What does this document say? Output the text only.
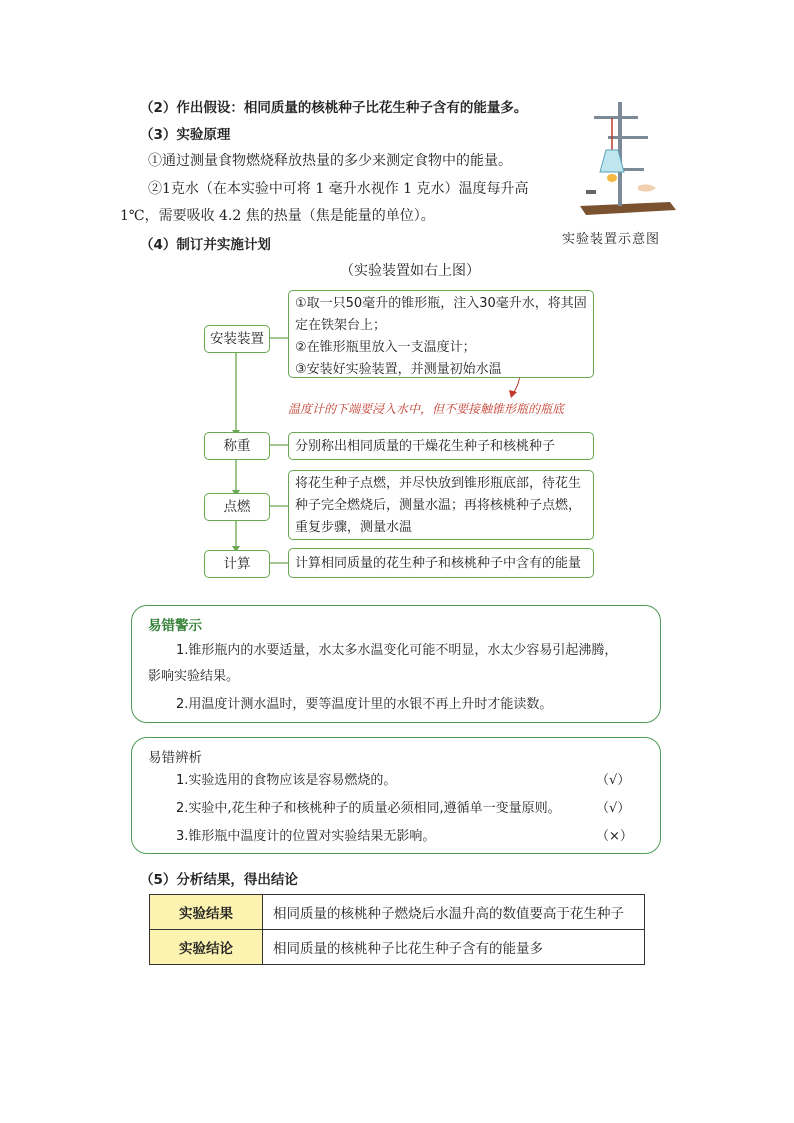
（2）作出假设：相同质量的核桃种子比花生种子含有的能量多。
（3）实验原理
①通过测量食物燃烧释放热量的多少来测定食物中的能量。
②1克水（在本实验中可将 1 毫升水视作 1 克水）温度每升高
1℃，需要吸收 4.2 焦的热量（焦是能量的单位）。
实验装置示意图
（4）制订并实施计划
（实验装置如右上图）
安装装置
①取一只50毫升的锥形瓶，注入30毫升水，将其固
定在铁架台上；
②在锥形瓶里放入一支温度计；
③安装好实验装置，并测量初始水温
温度计的下端要浸入水中，但不要接触锥形瓶的瓶底
称重	分别称出相同质量的干燥花生种子和核桃种子
点燃
将花生种子点燃，并尽快放到锥形瓶底部，待花生
种子完全燃烧后，测量水温；再将核桃种子点燃，
重复步骤，测量水温
计算	计算相同质量的花生种子和核桃种子中含有的能量
易错警示
1.锥形瓶内的水要适量，水太多水温变化可能不明显，水太少容易引起沸腾，
影响实验结果。
2.用温度计测水温时，要等温度计里的水银不再上升时才能读数。
易错辨析
1.实验选用的食物应该是容易燃烧的。	（√）
2.实验中,花生种子和核桃种子的质量必须相同,遵循单一变量原则。	（√）
3.锥形瓶中温度计的位置对实验结果无影响。	（×）
（5）分析结果，得出结论
实验结果	相同质量的核桃种子燃烧后水温升高的数值要高于花生种子
实验结论	相同质量的核桃种子比花生种子含有的能量多
